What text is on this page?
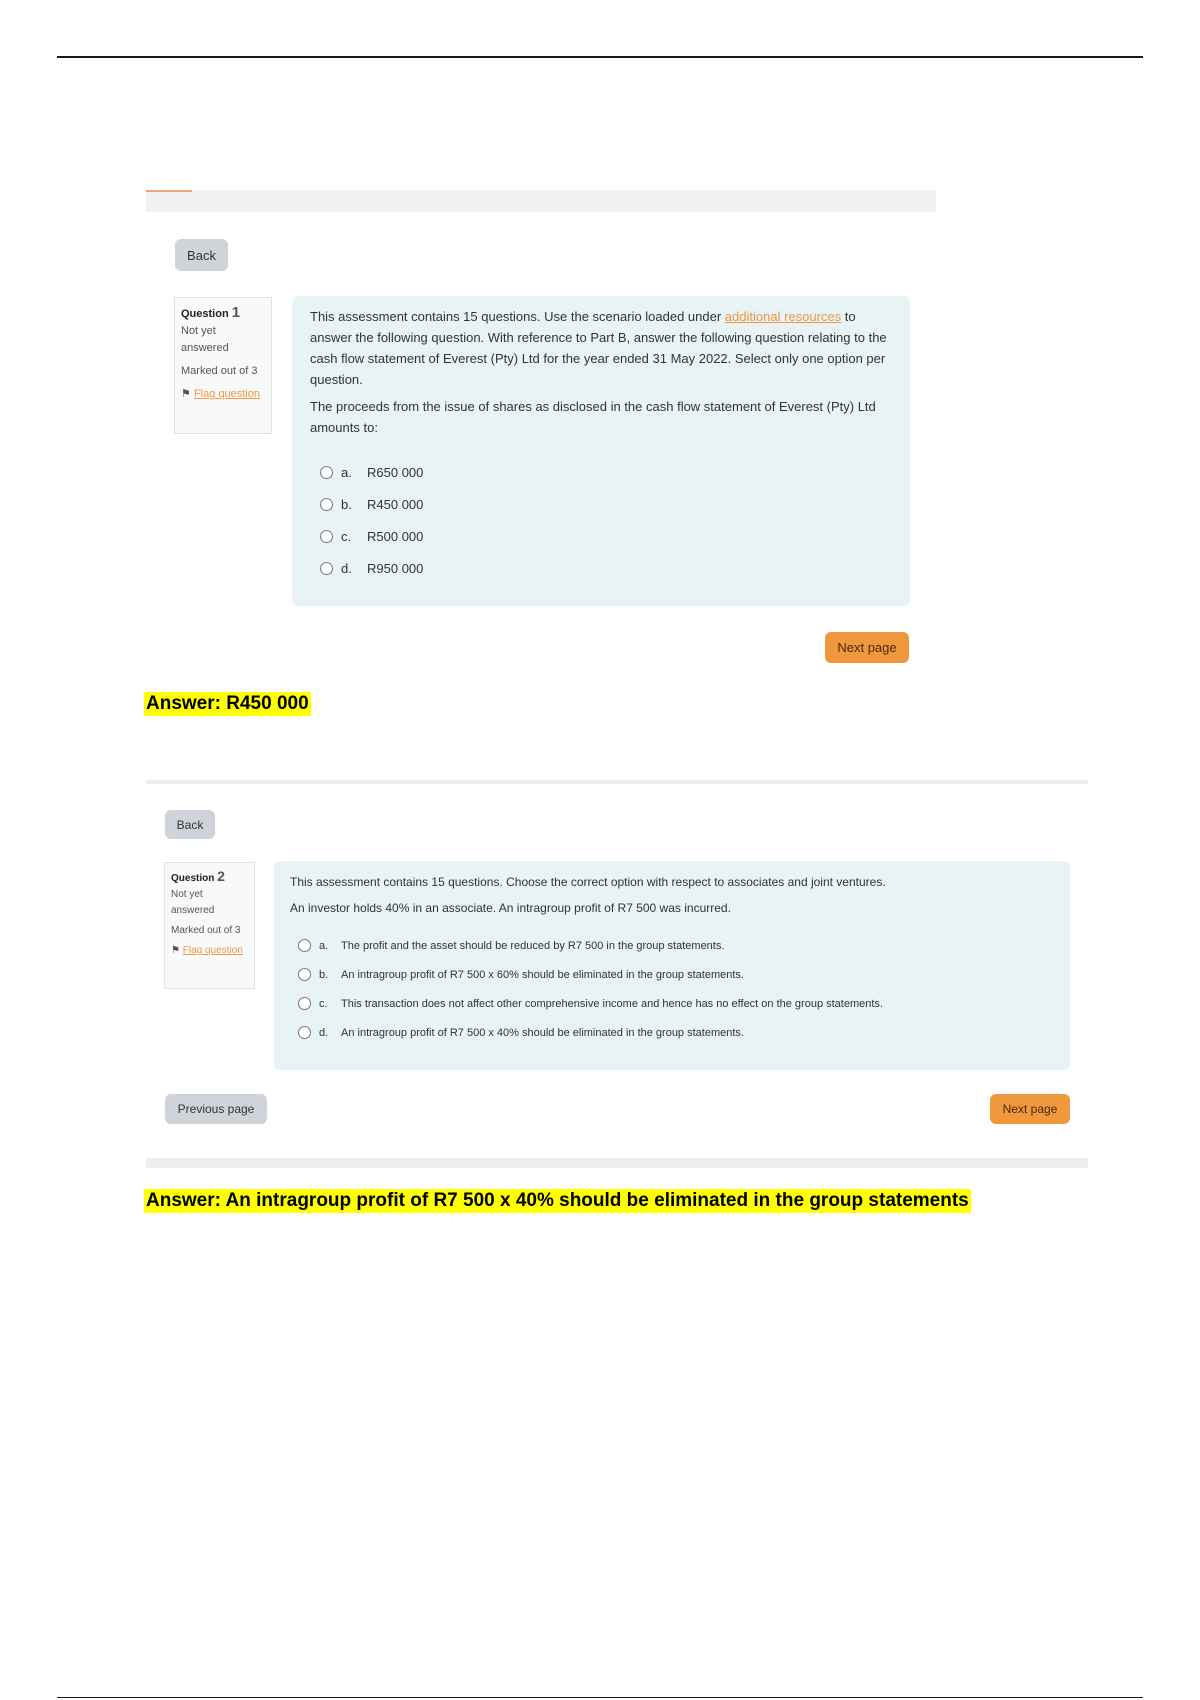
Back
Question 1
Not yet answered
Marked out of 3
⚑ Flag question
This assessment contains 15 questions. Use the scenario loaded under additional resources to answer the following question. With reference to Part B, answer the following question relating to the cash flow statement of Everest (Pty) Ltd for the year ended 31 May 2022. Select only one option per question.
The proceeds from the issue of shares as disclosed in the cash flow statement of Everest (Pty) Ltd amounts to:
a.	R650 000
b.	R450 000
c.	R500 000
d.	R950 000
Next page
Answer: R450 000
Back
Question 2
Not yet answered
Marked out of 3
⚑ Flag question
This assessment contains 15 questions. Choose the correct option with respect to associates and joint ventures.
An investor holds 40% in an associate. An intragroup profit of R7 500 was incurred.
a.	The profit and the asset should be reduced by R7 500 in the group statements.
b.	An intragroup profit of R7 500 x 60% should be eliminated in the group statements.
c.	This transaction does not affect other comprehensive income and hence has no effect on the group statements.
d.	An intragroup profit of R7 500 x 40% should be eliminated in the group statements.
Previous page	Next page
Answer: An intragroup profit of R7 500 x 40% should be eliminated in the group statements
